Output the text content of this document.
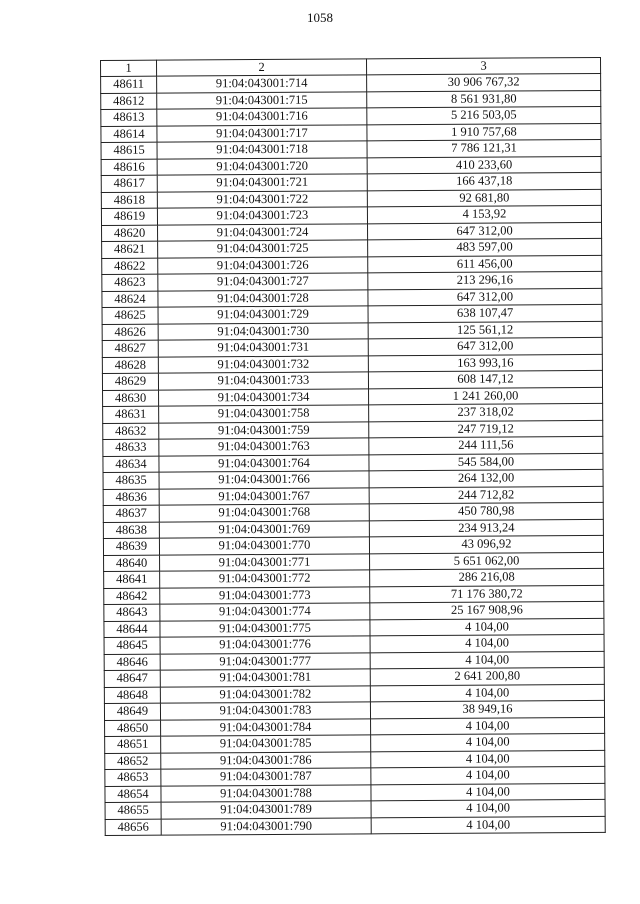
1058
1	2	3
48611	91:04:043001:714	30 906 767,32
48612	91:04:043001:715	8 561 931,80
48613	91:04:043001:716	5 216 503,05
48614	91:04:043001:717	1 910 757,68
48615	91:04:043001:718	7 786 121,31
48616	91:04:043001:720	410 233,60
48617	91:04:043001:721	166 437,18
48618	91:04:043001:722	92 681,80
48619	91:04:043001:723	4 153,92
48620	91:04:043001:724	647 312,00
48621	91:04:043001:725	483 597,00
48622	91:04:043001:726	611 456,00
48623	91:04:043001:727	213 296,16
48624	91:04:043001:728	647 312,00
48625	91:04:043001:729	638 107,47
48626	91:04:043001:730	125 561,12
48627	91:04:043001:731	647 312,00
48628	91:04:043001:732	163 993,16
48629	91:04:043001:733	608 147,12
48630	91:04:043001:734	1 241 260,00
48631	91:04:043001:758	237 318,02
48632	91:04:043001:759	247 719,12
48633	91:04:043001:763	244 111,56
48634	91:04:043001:764	545 584,00
48635	91:04:043001:766	264 132,00
48636	91:04:043001:767	244 712,82
48637	91:04:043001:768	450 780,98
48638	91:04:043001:769	234 913,24
48639	91:04:043001:770	43 096,92
48640	91:04:043001:771	5 651 062,00
48641	91:04:043001:772	286 216,08
48642	91:04:043001:773	71 176 380,72
48643	91:04:043001:774	25 167 908,96
48644	91:04:043001:775	4 104,00
48645	91:04:043001:776	4 104,00
48646	91:04:043001:777	4 104,00
48647	91:04:043001:781	2 641 200,80
48648	91:04:043001:782	4 104,00
48649	91:04:043001:783	38 949,16
48650	91:04:043001:784	4 104,00
48651	91:04:043001:785	4 104,00
48652	91:04:043001:786	4 104,00
48653	91:04:043001:787	4 104,00
48654	91:04:043001:788	4 104,00
48655	91:04:043001:789	4 104,00
48656	91:04:043001:790	4 104,00
